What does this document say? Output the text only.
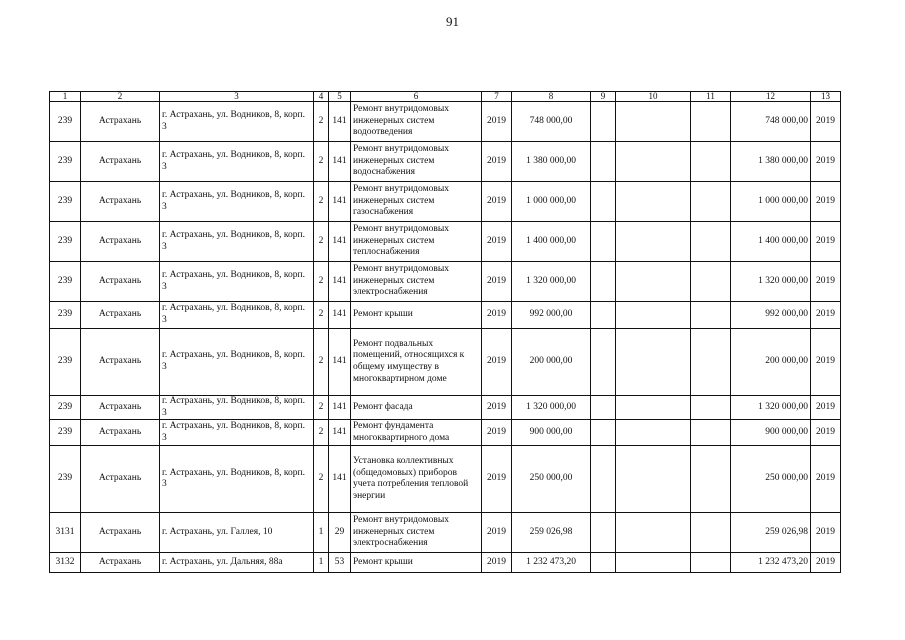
91
1	2	3	4	5	6	7	8	9	10	11	12	13
239	Астрахань	г. Астрахань, ул. Водников, 8, корп. 3	2	141	Ремонт внутридомовых инженерных систем водоотведения	2019	748 000,00				748 000,00	2019
239	Астрахань	г. Астрахань, ул. Водников, 8, корп. 3	2	141	Ремонт внутридомовых инженерных систем водоснабжения	2019	1 380 000,00				1 380 000,00	2019
239	Астрахань	г. Астрахань, ул. Водников, 8, корп. 3	2	141	Ремонт внутридомовых инженерных систем газоснабжения	2019	1 000 000,00				1 000 000,00	2019
239	Астрахань	г. Астрахань, ул. Водников, 8, корп. 3	2	141	Ремонт внутридомовых инженерных систем теплоснабжения	2019	1 400 000,00				1 400 000,00	2019
239	Астрахань	г. Астрахань, ул. Водников, 8, корп. 3	2	141	Ремонт внутридомовых инженерных систем электроснабжения	2019	1 320 000,00				1 320 000,00	2019
239	Астрахань	г. Астрахань, ул. Водников, 8, корп. 3	2	141	Ремонт крыши	2019	992 000,00				992 000,00	2019
239	Астрахань	г. Астрахань, ул. Водников, 8, корп. 3	2	141	Ремонт подвальных помещений, относящихся к общему имуществу в многоквартирном доме	2019	200 000,00				200 000,00	2019
239	Астрахань	г. Астрахань, ул. Водников, 8, корп. 3	2	141	Ремонт фасада	2019	1 320 000,00				1 320 000,00	2019
239	Астрахань	г. Астрахань, ул. Водников, 8, корп. 3	2	141	Ремонт фундамента многоквартирного дома	2019	900 000,00				900 000,00	2019
239	Астрахань	г. Астрахань, ул. Водников, 8, корп. 3	2	141	Установка коллективных (общедомовых) приборов учета потребления тепловой энергии	2019	250 000,00				250 000,00	2019
3131	Астрахань	г. Астрахань, ул. Галлея, 10	1	29	Ремонт внутридомовых инженерных систем электроснабжения	2019	259 026,98				259 026,98	2019
3132	Астрахань	г. Астрахань, ул. Дальняя, 88а	1	53	Ремонт крыши	2019	1 232 473,20				1 232 473,20	2019
